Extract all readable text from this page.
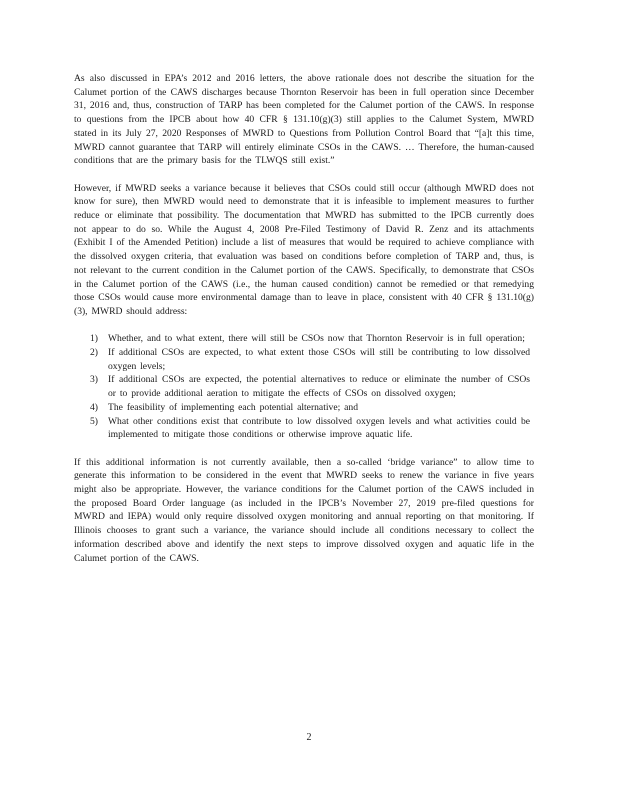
As also discussed in EPA’s 2012 and 2016 letters, the above rationale does not describe the situation for the Calumet portion of the CAWS discharges because Thornton Reservoir has been in full operation since December 31, 2016 and, thus, construction of TARP has been completed for the Calumet portion of the CAWS. In response to questions from the IPCB about how 40 CFR § 131.10(g)(3) still applies to the Calumet System, MWRD stated in its July 27, 2020 Responses of MWRD to Questions from Pollution Control Board that “[a]t this time, MWRD cannot guarantee that TARP will entirely eliminate CSOs in the CAWS. … Therefore, the human-caused conditions that are the primary basis for the TLWQS still exist.”

However, if MWRD seeks a variance because it believes that CSOs could still occur (although MWRD does not know for sure), then MWRD would need to demonstrate that it is infeasible to implement measures to further reduce or eliminate that possibility. The documentation that MWRD has submitted to the IPCB currently does not appear to do so. While the August 4, 2008 Pre-Filed Testimony of David R. Zenz and its attachments (Exhibit I of the Amended Petition) include a list of measures that would be required to achieve compliance with the dissolved oxygen criteria, that evaluation was based on conditions before completion of TARP and, thus, is not relevant to the current condition in the Calumet portion of the CAWS. Specifically, to demonstrate that CSOs in the Calumet portion of the CAWS (i.e., the human caused condition) cannot be remedied or that remedying those CSOs would cause more environmental damage than to leave in place, consistent with 40 CFR § 131.10(g)(3), MWRD should address:

1) Whether, and to what extent, there will still be CSOs now that Thornton Reservoir is in full operation;
2) If additional CSOs are expected, to what extent those CSOs will still be contributing to low dissolved oxygen levels;
3) If additional CSOs are expected, the potential alternatives to reduce or eliminate the number of CSOs or to provide additional aeration to mitigate the effects of CSOs on dissolved oxygen;
4) The feasibility of implementing each potential alternative; and
5) What other conditions exist that contribute to low dissolved oxygen levels and what activities could be implemented to mitigate those conditions or otherwise improve aquatic life.

If this additional information is not currently available, then a so-called ‘bridge variance” to allow time to generate this information to be considered in the event that MWRD seeks to renew the variance in five years might also be appropriate. However, the variance conditions for the Calumet portion of the CAWS included in the proposed Board Order language (as included in the IPCB’s November 27, 2019 pre-filed questions for MWRD and IEPA) would only require dissolved oxygen monitoring and annual reporting on that monitoring. If Illinois chooses to grant such a variance, the variance should include all conditions necessary to collect the information described above and identify the next steps to improve dissolved oxygen and aquatic life in the Calumet portion of the CAWS.

2
